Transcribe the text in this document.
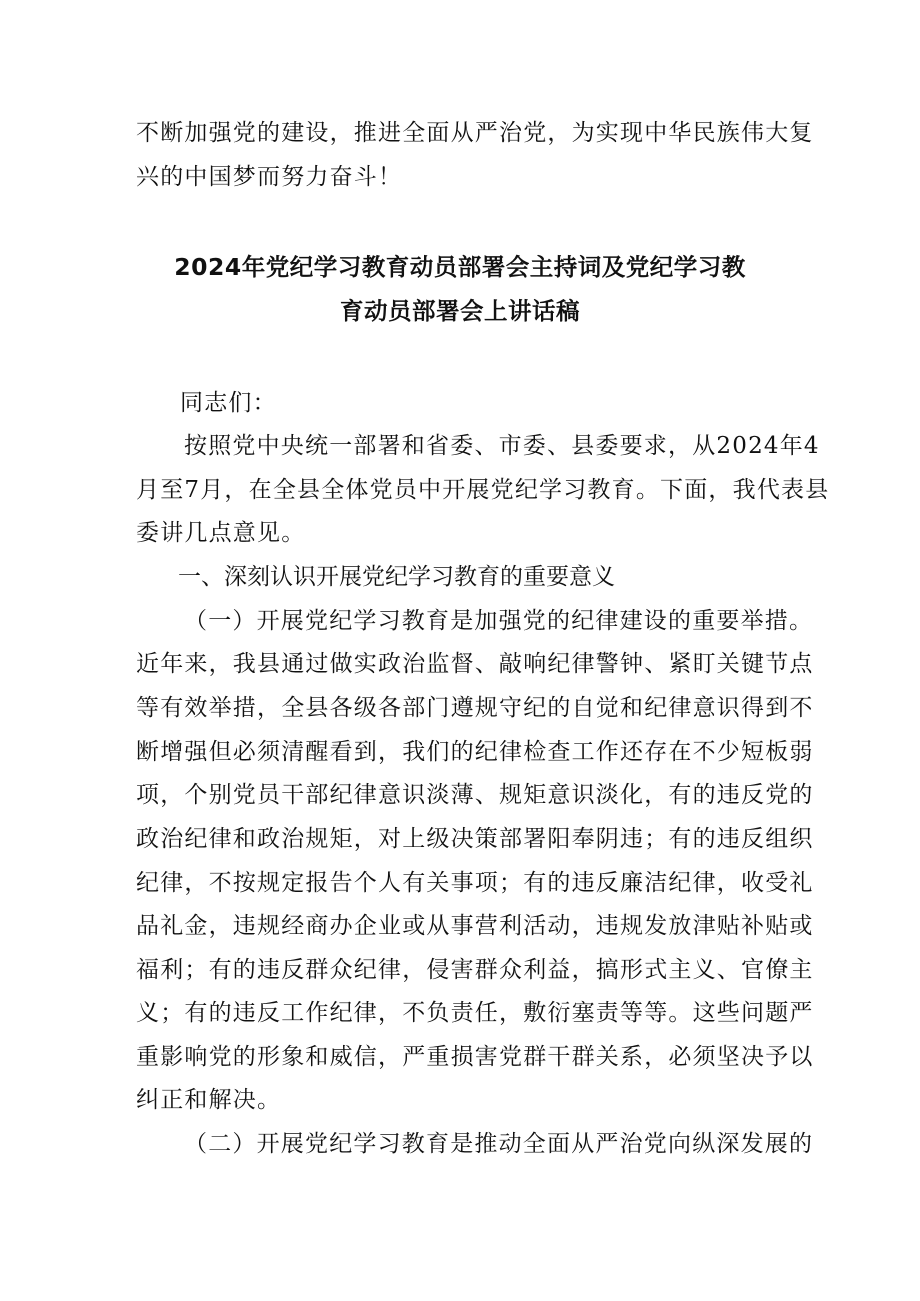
不断加强党的建设，推进全面从严治党，为实现中华民族伟大复
兴的中国梦而努力奋斗！
2024年党纪学习教育动员部署会主持词及党纪学习教
育动员部署会上讲话稿
同志们：
按照党中央统一部署和省委、市委、县委要求，从2024年4
月至7月，在全县全体党员中开展党纪学习教育。下面，我代表县
委讲几点意见。
一、深刻认识开展党纪学习教育的重要意义
（一）开展党纪学习教育是加强党的纪律建设的重要举措。
近年来，我县通过做实政治监督、敲响纪律警钟、紧盯关键节点
等有效举措，全县各级各部门遵规守纪的自觉和纪律意识得到不
断增强但必须清醒看到，我们的纪律检查工作还存在不少短板弱
项，个别党员干部纪律意识淡薄、规矩意识淡化，有的违反党的
政治纪律和政治规矩，对上级决策部署阳奉阴违；有的违反组织
纪律，不按规定报告个人有关事项；有的违反廉洁纪律，收受礼
品礼金，违规经商办企业或从事营利活动，违规发放津贴补贴或
福利；有的违反群众纪律，侵害群众利益，搞形式主义、官僚主
义；有的违反工作纪律，不负责任，敷衍塞责等等。这些问题严
重影响党的形象和威信，严重损害党群干群关系，必须坚决予以
纠正和解决。
（二）开展党纪学习教育是推动全面从严治党向纵深发展的
